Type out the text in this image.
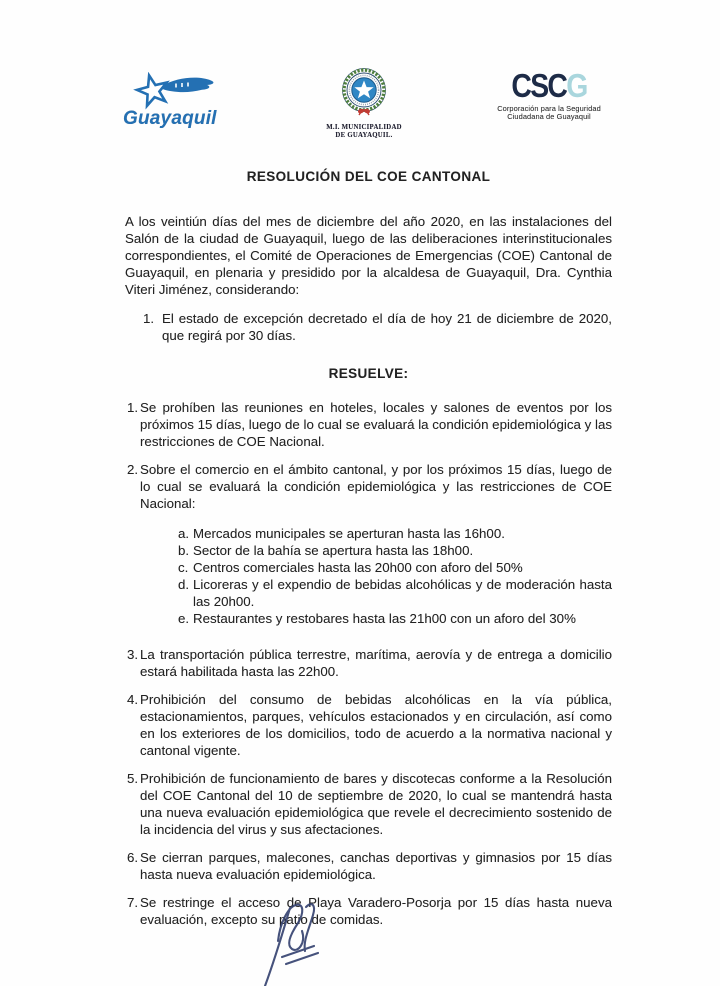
Guayaquil	M.I. MUNICIPALIDAD
DE GUAYAQUIL.
CSCG
Corporación para la Seguridad
Ciudadana de Guayaquil
RESOLUCIÓN DEL COE CANTONAL

A los veintiún días del mes de diciembre del año 2020, en las instalaciones del Salón de la ciudad de Guayaquil, luego de las deliberaciones interinstitucionales correspondientes, el Comité de Operaciones de Emergencias (COE) Cantonal de Guayaquil, en plenaria y presidido por la alcaldesa de Guayaquil, Dra. Cynthia Viteri Jiménez, considerando:

1. El estado de excepción decretado el día de hoy 21 de diciembre de 2020, que regirá por 30 días.
RESUELVE:
1. Se prohíben las reuniones en hoteles, locales y salones de eventos por los próximos 15 días, luego de lo cual se evaluará la condición epidemiológica y las restricciones de COE Nacional.
2. Sobre el comercio en el ámbito cantonal, y por los próximos 15 días, luego de lo cual se evaluará la condición epidemiológica y las restricciones de COE Nacional:
a. Mercados municipales se aperturan hasta las 16h00.
b. Sector de la bahía se apertura hasta las 18h00.
c. Centros comerciales hasta las 20h00 con aforo del 50%
d. Licoreras y el expendio de bebidas alcohólicas y de moderación hasta las 20h00.
e. Restaurantes y restobares hasta las 21h00 con un aforo del 30%
3. La transportación pública terrestre, marítima, aerovía y de entrega a domicilio estará habilitada hasta las 22h00.
4. Prohibición del consumo de bebidas alcohólicas en la vía pública, estacionamientos, parques, vehículos estacionados y en circulación, así como en los exteriores de los domicilios, todo de acuerdo a la normativa nacional y cantonal vigente.
5. Prohibición de funcionamiento de bares y discotecas conforme a la Resolución del COE Cantonal del 10 de septiembre de 2020, lo cual se mantendrá hasta una nueva evaluación epidemiológica que revele el decrecimiento sostenido de la incidencia del virus y sus afectaciones.
6. Se cierran parques, malecones, canchas deportivas y gimnasios por 15 días hasta nueva evaluación epidemiológica.
7. Se restringe el acceso de Playa Varadero-Posorja por 15 días hasta nueva evaluación, excepto su patio de comidas.
